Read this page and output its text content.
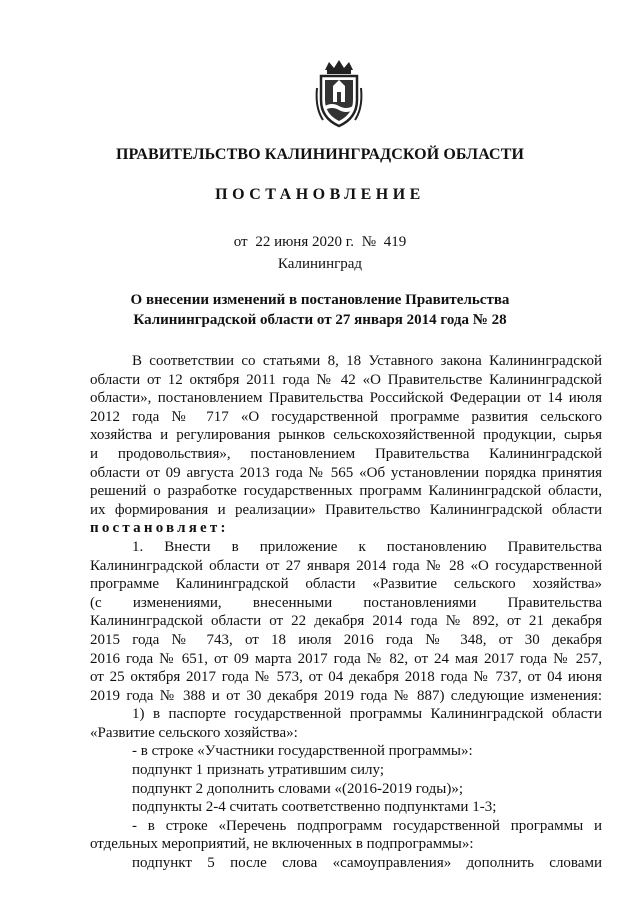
ПРАВИТЕЛЬСТВО КАЛИНИНГРАДСКОЙ ОБЛАСТИ
ПОСТАНОВЛЕНИЕ
от 22 июня 2020 г. № 419
Калининград
О внесении изменений в постановление Правительства
Калининградской области от 27 января 2014 года № 28

В соответствии со статьями 8, 18 Уставного закона Калининградской

области от 12 октября 2011 года № 42 «О Правительстве Калининградской

области», постановлением Правительства Российской Федерации от 14 июля

2012 года № 717 «О государственной программе развития сельского

хозяйства и регулирования рынков сельскохозяйственной продукции, сырья

и продовольствия», постановлением Правительства Калининградской

области от 09 августа 2013 года № 565 «Об установлении порядка принятия

решений о разработке государственных программ Калининградской области,

их формирования и реализации» Правительство Калининградской области

постановляет:

1. Внести в приложение к постановлению Правительства

Калининградской области от 27 января 2014 года № 28 «О государственной

программе Калининградской области «Развитие сельского хозяйства»

(с изменениями, внесенными постановлениями Правительства

Калининградской области от 22 декабря 2014 года № 892, от 21 декабря

2015 года № 743, от 18 июля 2016 года № 348, от 30 декабря

2016 года № 651, от 09 марта 2017 года № 82, от 24 мая 2017 года № 257,

от 25 октября 2017 года № 573, от 04 декабря 2018 года № 737, от 04 июня

2019 года № 388 и от 30 декабря 2019 года № 887) следующие изменения:

1) в паспорте государственной программы Калининградской области

«Развитие сельского хозяйства»:

- в строке «Участники государственной программы»:

подпункт 1 признать утратившим силу;

подпункт 2 дополнить словами «(2016-2019 годы)»;

подпункты 2-4 считать соответственно подпунктами 1-3;

- в строке «Перечень подпрограмм государственной программы и

отдельных мероприятий, не включенных в подпрограммы»:

подпункт 5 после слова «самоуправления» дополнить словами
